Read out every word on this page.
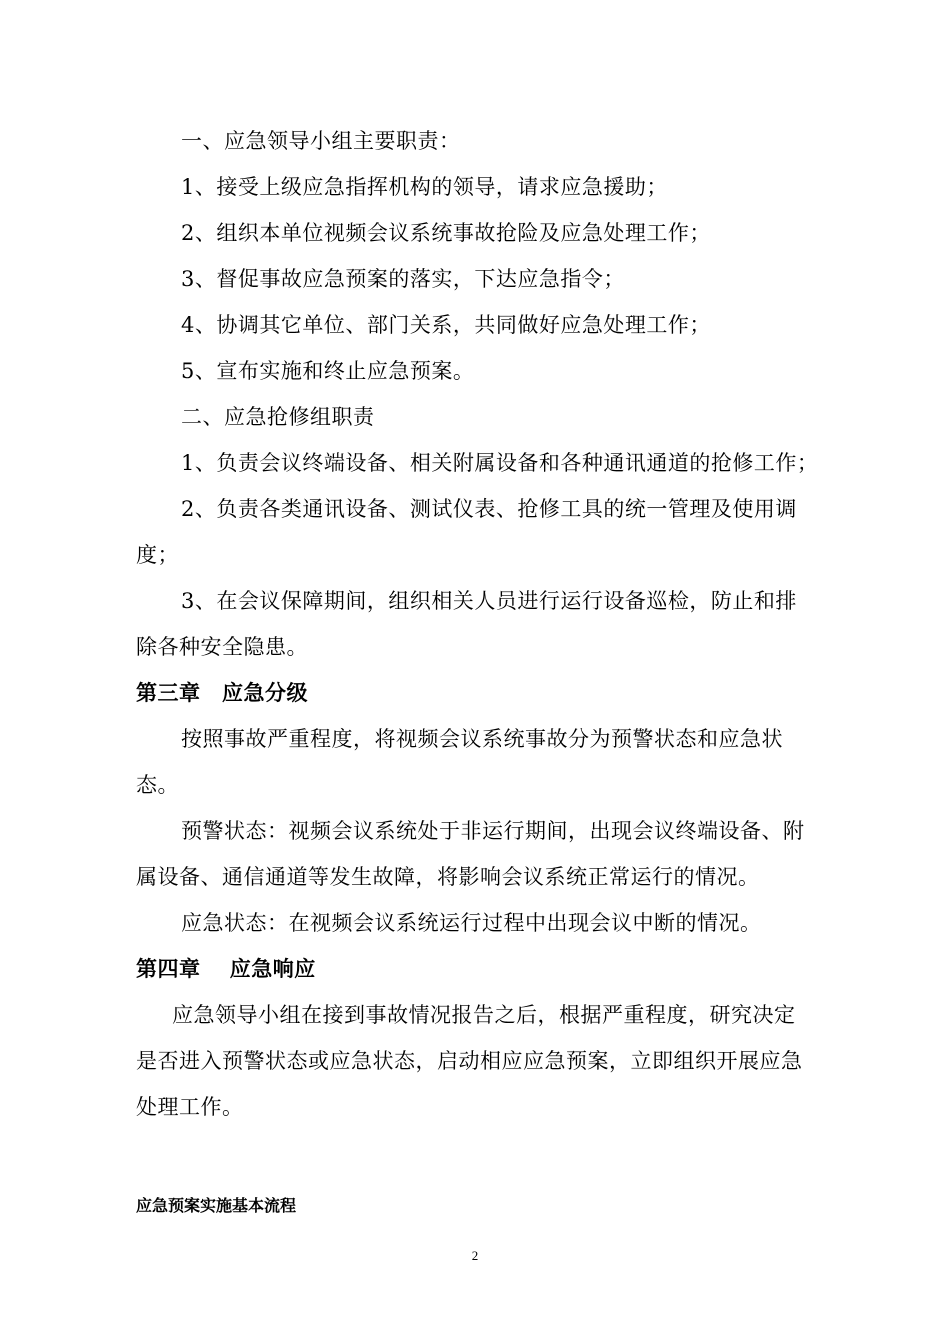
一、应急领导小组主要职责：
1、接受上级应急指挥机构的领导，请求应急援助；
2、组织本单位视频会议系统事故抢险及应急处理工作；
3、督促事故应急预案的落实，下达应急指令；
4、协调其它单位、部门关系，共同做好应急处理工作；
5、宣布实施和终止应急预案。
二、应急抢修组职责
1、负责会议终端设备、相关附属设备和各种通讯通道的抢修工作；
2、负责各类通讯设备、测试仪表、抢修工具的统一管理及使用调
度；
3、在会议保障期间，组织相关人员进行运行设备巡检，防止和排
除各种安全隐患。
第三章　应急分级
按照事故严重程度，将视频会议系统事故分为预警状态和应急状
态。
预警状态：视频会议系统处于非运行期间，出现会议终端设备、附
属设备、通信通道等发生故障，将影响会议系统正常运行的情况。
应急状态：在视频会议系统运行过程中出现会议中断的情况。
第四章　 应急响应
应急领导小组在接到事故情况报告之后，根据严重程度，研究决定
是否进入预警状态或应急状态，启动相应应急预案，立即组织开展应急
处理工作。
应急预案实施基本流程
2
